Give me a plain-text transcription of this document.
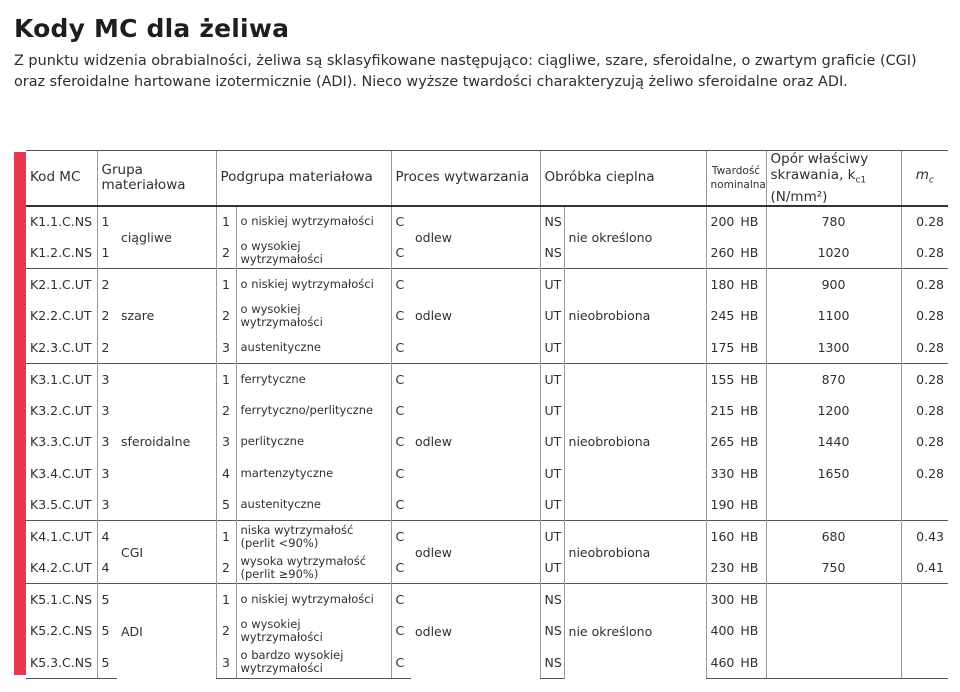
Kody MC dla żeliwa

Z punktu widzenia obrabialności, żeliwa są sklasyfikowane następująco: ciągliwe, szare, sferoidalne, o zwartym graficie (CGI) oraz sferoidalne hartowane izotermicznie (ADI). Nieco wyższe twardości charakteryzują żeliwo sferoidalne oraz ADI.

Kod MC	Grupa materiałowa		Podgrupa materiałowa		Proces wytwarzania		Obróbka cieplna		Twardość nominalna	Opór właściwy
skrawania, $k_{c1}$
(N/mm²)	$m_c$
K1.1.C.NS	1	ciągliwe	1	o niskiej wytrzymałości	C	odlew	NS	nie określono	200 HB	780	0.28
K1.2.C.NS	1		2	o wysokiej wytrzymałości	C		NS		260 HB	1020	0.28
K2.1.C.UT	2	szare	1	o niskiej wytrzymałości	C	odlew	UT	nieobrobiona	180 HB	900	0.28
K2.2.C.UT	2		2	o wysokiej wytrzymałości	C		UT		245 HB	1100	0.28
K2.3.C.UT	2		3	austenityczne	C		UT		175 HB	1300	0.28
K3.1.C.UT	3	sferoidalne	1	ferrytyczne	C	odlew	UT	nieobrobiona	155 HB	870	0.28
K3.2.C.UT	3		2	ferrytyczno/perlityczne	C		UT		215 HB	1200	0.28
K3.3.C.UT	3		3	perlityczne	C		UT		265 HB	1440	0.28
K3.4.C.UT	3		4	martenzytyczne	C		UT		330 HB	1650	0.28
K3.5.C.UT	3		5	austenityczne	C		UT		190 HB		
K4.1.C.UT	4	CGI	1	niska wytrzymałość (perlit <90%)	C	odlew	UT	nieobrobiona	160 HB	680	0.43
K4.2.C.UT	4		2	wysoka wytrzymałość (perlit ≥90%)	C		UT		230 HB	750	0.41
K5.1.C.NS	5	ADI	1	o niskiej wytrzymałości	C	odlew	NS	nie określono	300 HB		
K5.2.C.NS	5		2	o wysokiej wytrzymałości	C		NS		400 HB		
K5.3.C.NS	5		3	o bardzo wysokiej wytrzymałości	C		NS		460 HB		
